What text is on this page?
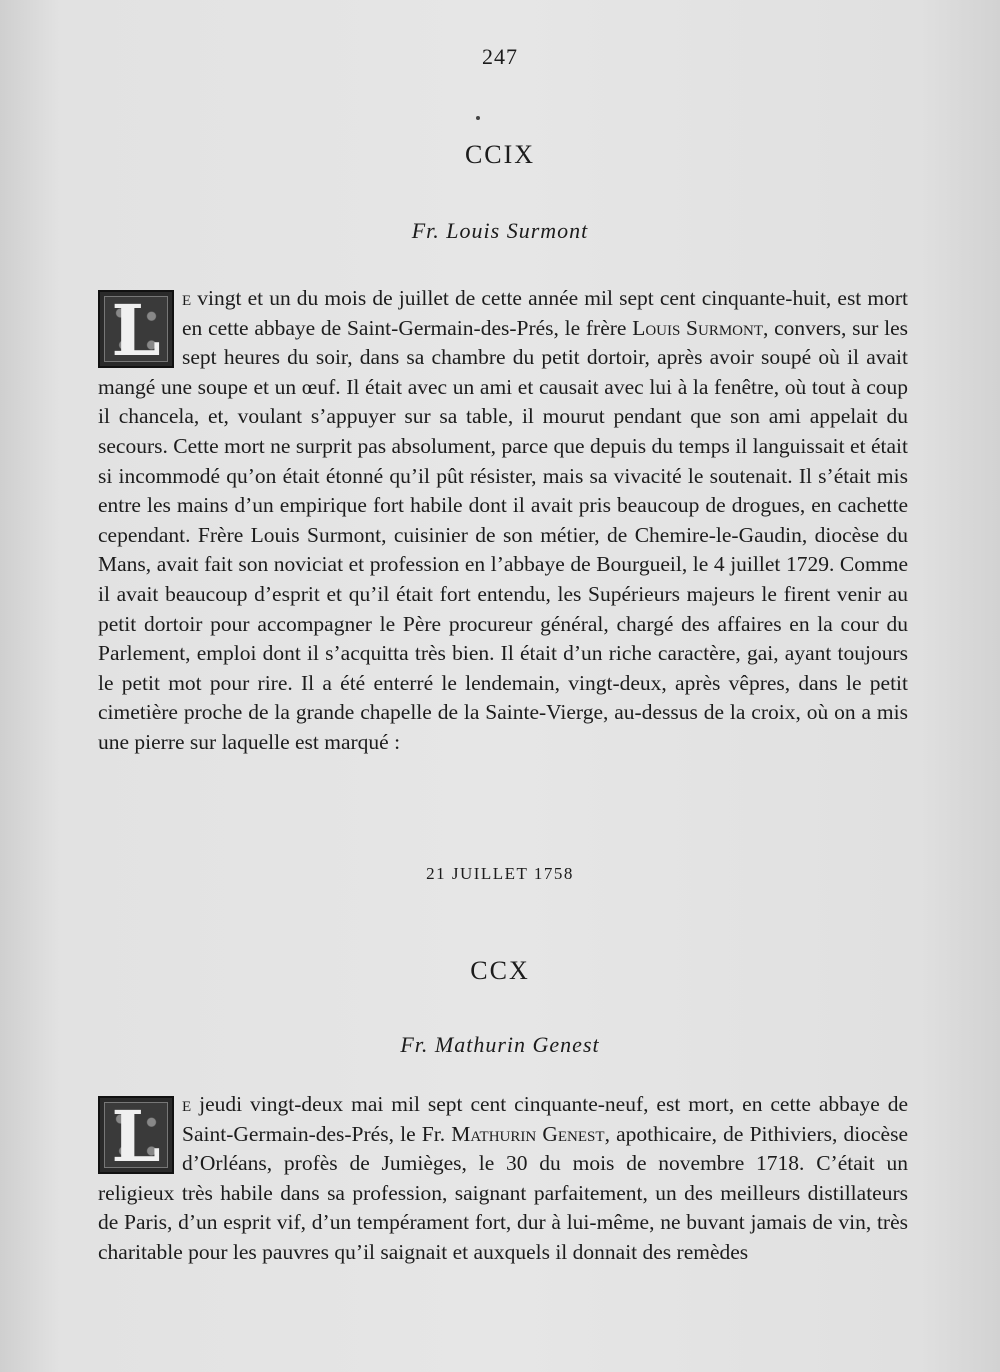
247
CCIX
Fr. Louis Surmont
L e vingt et un du mois de juillet de cette année mil sept cent cinquante-huit, est mort en cette abbaye de Saint-Germain-des-Prés, le frère Louis Surmont, convers, sur les sept heures du soir, dans sa chambre du petit dortoir, après avoir soupé où il avait mangé une soupe et un œuf. Il était avec un ami et causait avec lui à la fenêtre, où tout à coup il chancela, et, voulant s’appuyer sur sa table, il mourut pendant que son ami appelait du secours. Cette mort ne surprit pas absolument, parce que depuis du temps il languissait et était si incommodé qu’on était étonné qu’il pût résister, mais sa vivacité le soutenait. Il s’était mis entre les mains d’un empirique fort habile dont il avait pris beaucoup de drogues, en cachette cependant. Frère Louis Surmont, cuisinier de son métier, de Chemire-le-Gaudin, diocèse du Mans, avait fait son noviciat et profession en l’abbaye de Bourgueil, le 4 juillet 1729. Comme il avait beaucoup d’esprit et qu’il était fort entendu, les Supérieurs majeurs le firent venir au petit dortoir pour accompagner le Père procureur général, chargé des affaires en la cour du Parlement, emploi dont il s’acquitta très bien. Il était d’un riche caractère, gai, ayant toujours le petit mot pour rire. Il a été enterré le lendemain, vingt-deux, après vêpres, dans le petit cimetière proche de la grande chapelle de la Sainte-Vierge, au-dessus de la croix, où on a mis une pierre sur laquelle est marqué :
21 JUILLET 1758
CCX
Fr. Mathurin Genest
L e jeudi vingt-deux mai mil sept cent cinquante-neuf, est mort, en cette abbaye de Saint-Germain-des-Prés, le Fr. Mathurin Genest, apothicaire, de Pithiviers, diocèse d’Orléans, profès de Jumièges, le 30 du mois de novembre 1718. C’était un religieux très habile dans sa profession, saignant parfaitement, un des meilleurs distillateurs de Paris, d’un esprit vif, d’un tempérament fort, dur à lui-même, ne buvant jamais de vin, très charitable pour les pauvres qu’il saignait et auxquels il donnait des remèdes
